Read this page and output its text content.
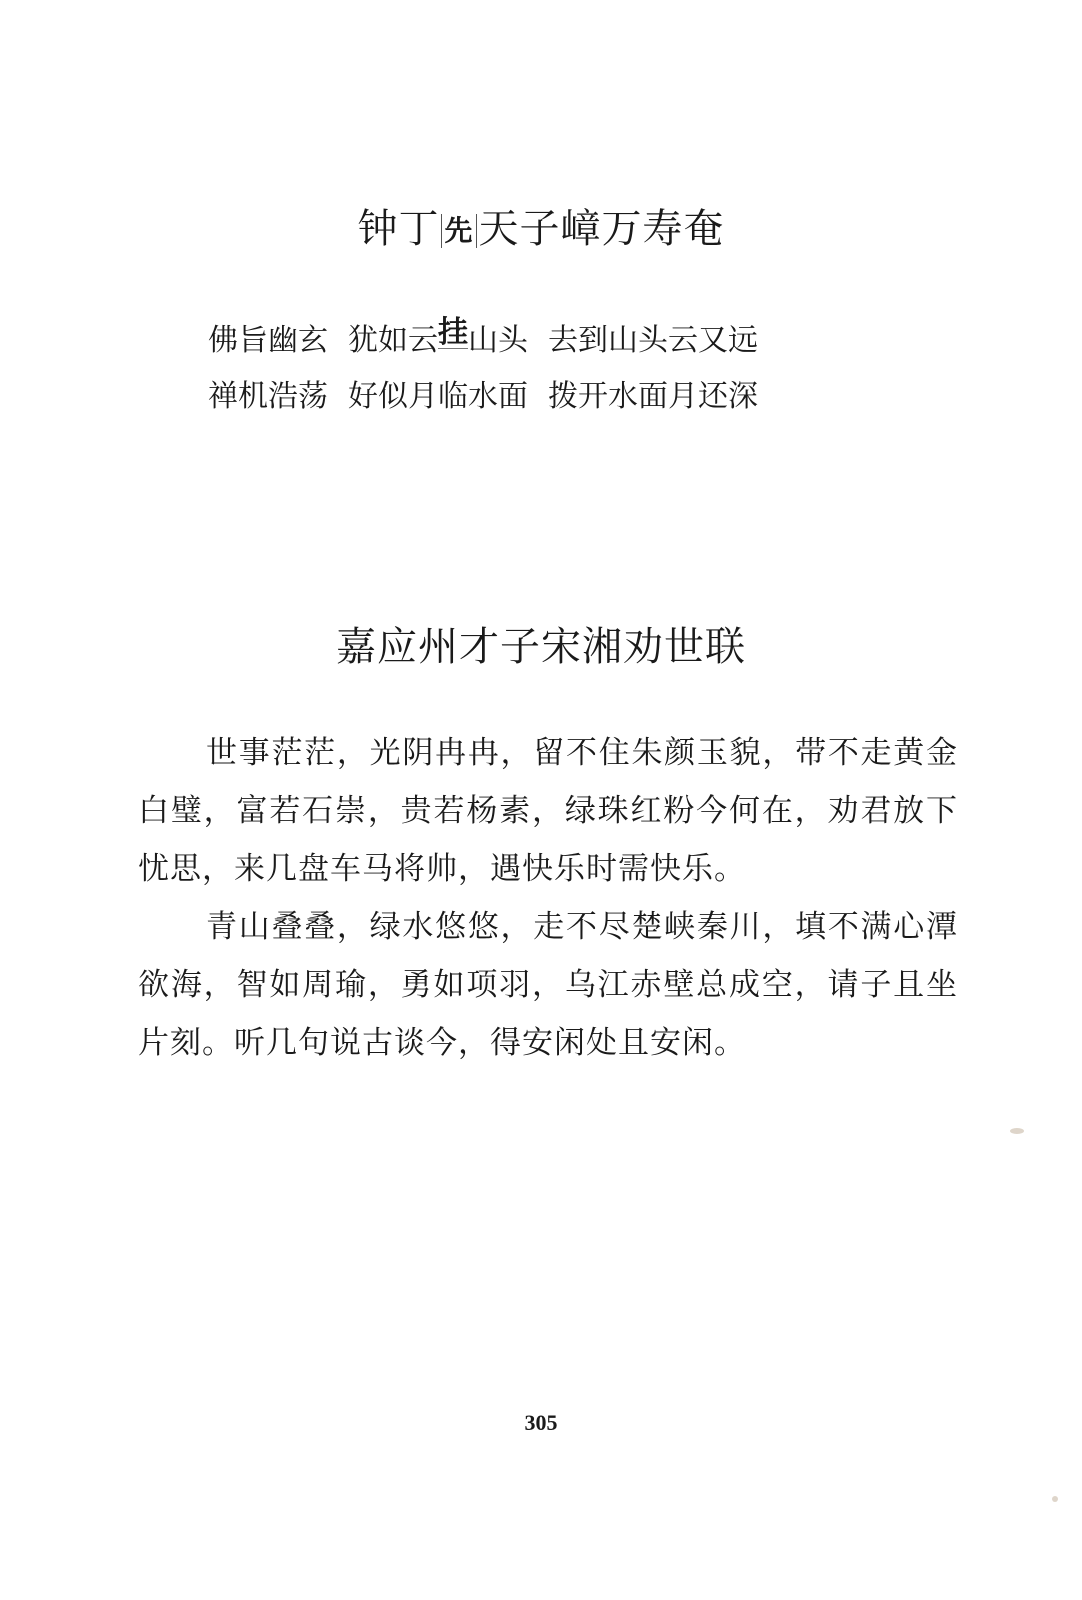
钟丁 先 天子嶂万寿奄
佛旨幽玄 犹如云挂山头 去到山头云又远
禅机浩荡 好似月临水面 拨开水面月还深
嘉应州才子宋湘劝世联

世事茫茫，光阴冉冉，留不住朱颜玉貌，带不走黄金白璧，富若石崇，贵若杨素，绿珠红粉今何在，劝君放下忧思，来几盘车马将帅，遇快乐时需快乐。

青山叠叠，绿水悠悠，走不尽楚峡秦川，填不满心潭欲海，智如周瑜，勇如项羽，乌江赤壁总成空，请子且坐片刻。听几句说古谈今，得安闲处且安闲。

305
